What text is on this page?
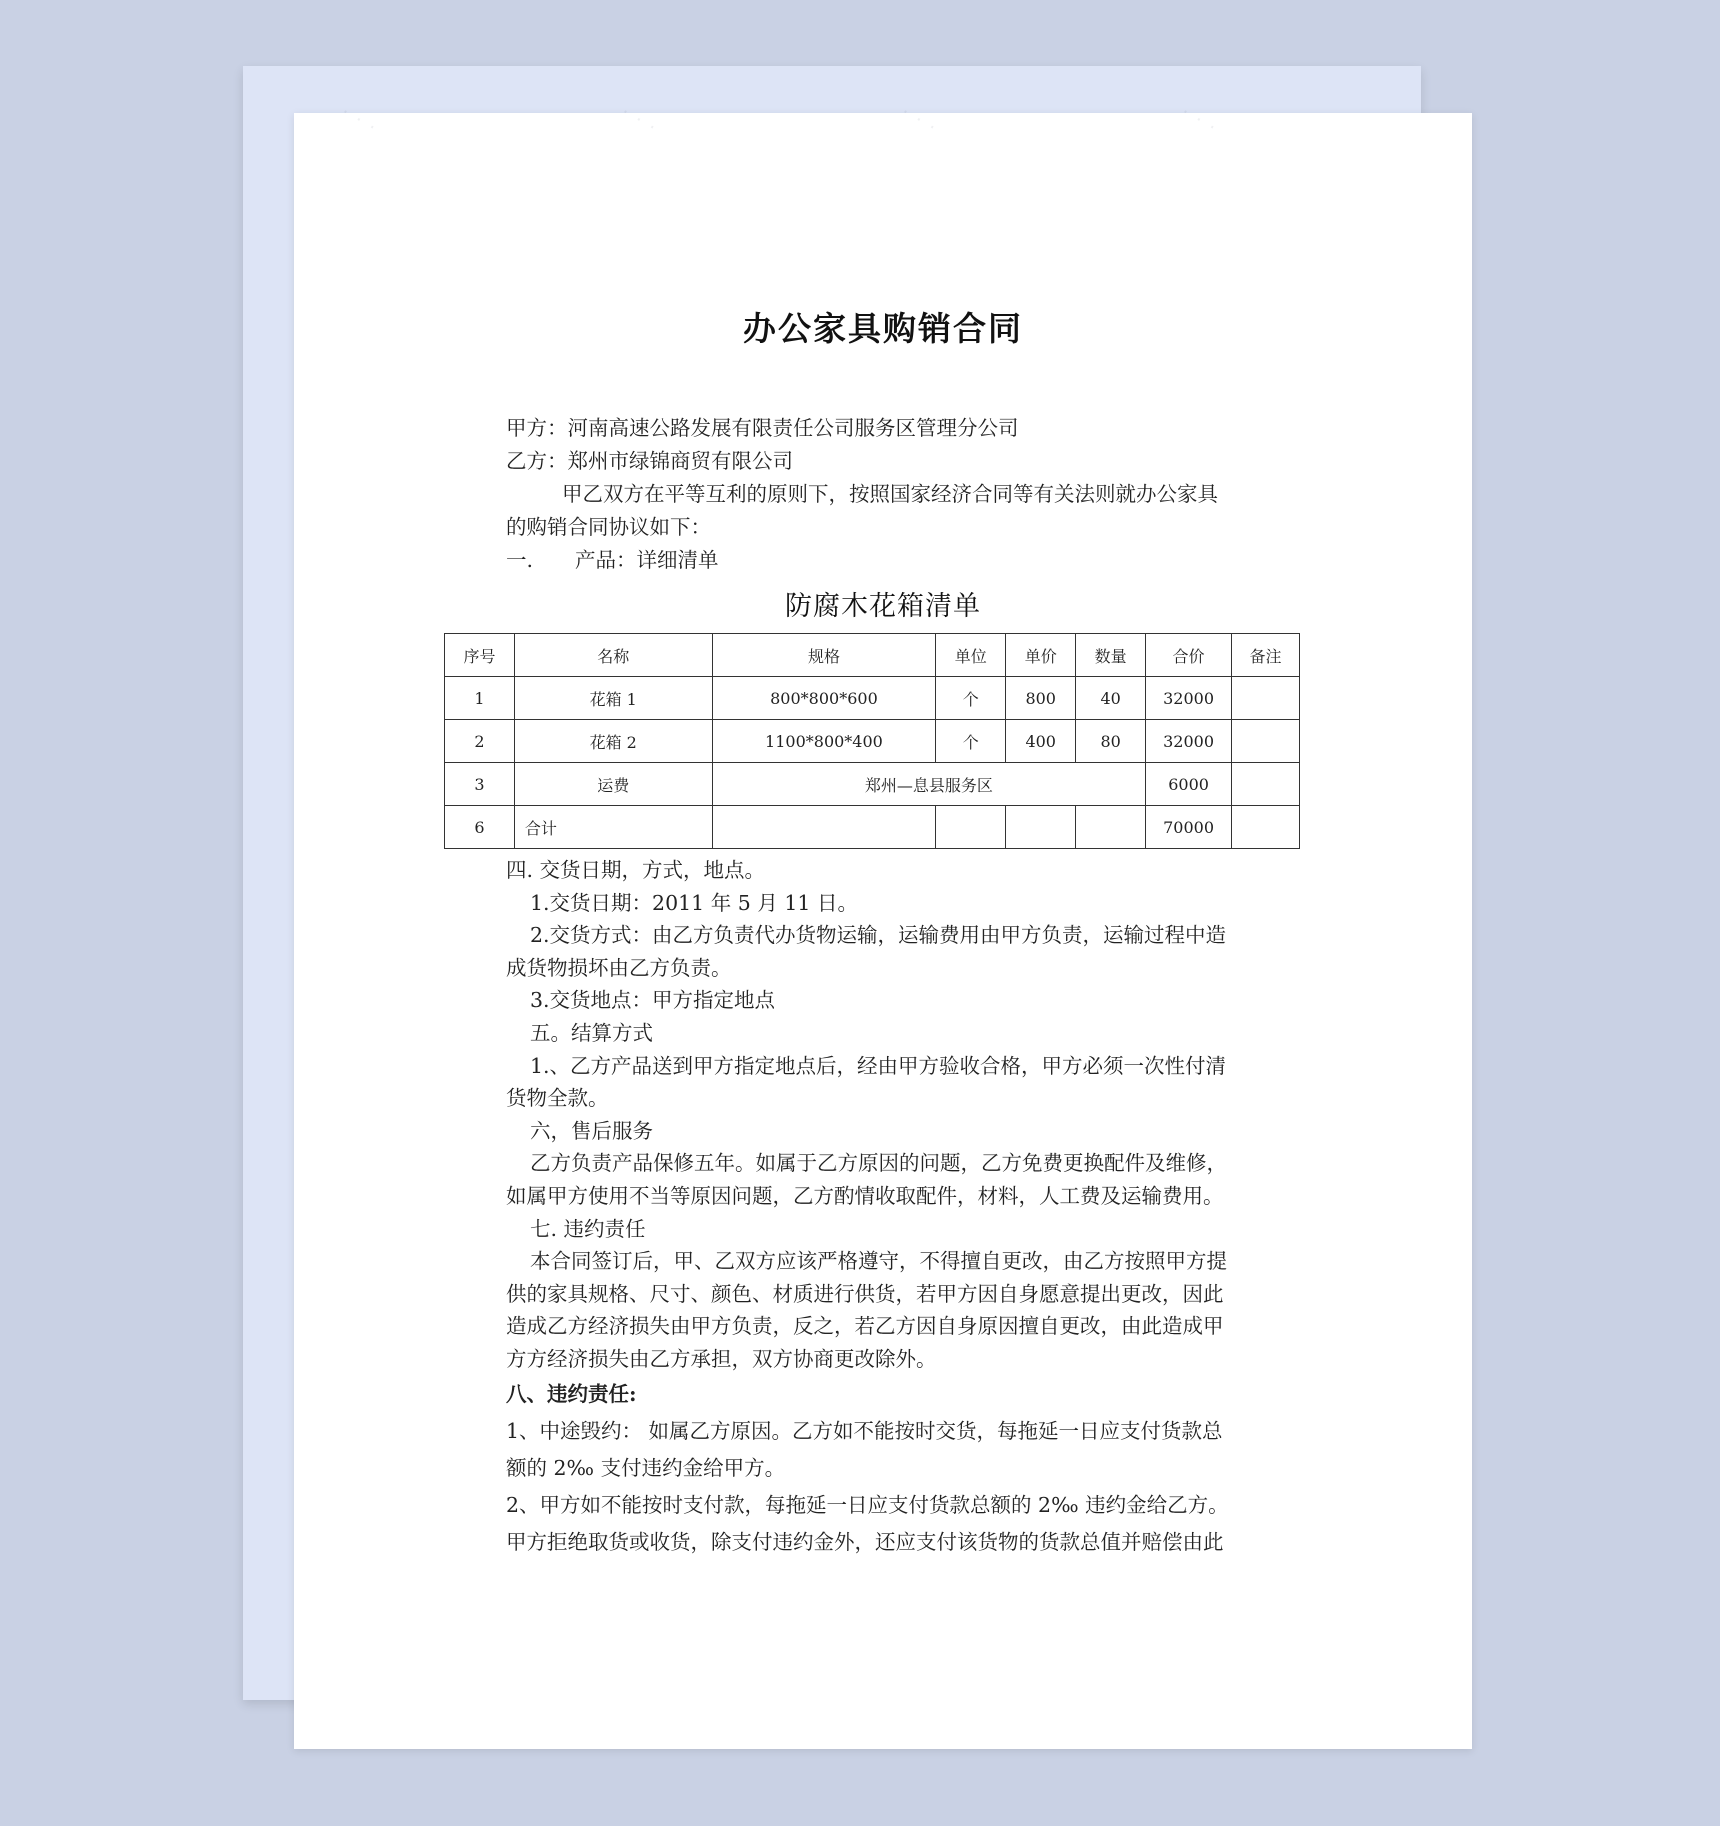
办公家具购销合同

甲方：河南高速公路发展有限责任公司服务区管理分公司

乙方：郑州市绿锦商贸有限公司

甲乙双方在平等互利的原则下，按照国家经济合同等有关法则就办公家具

的购销合同协议如下：

一. 产品：详细清单

防腐木花箱清单
序号	名称	规格	单位	单价	数量	合价	备注
1	花箱 1	800*800*600	个	800	40	32000	
2	花箱 2	1100*800*400	个	400	80	32000	
3	运费	郑州—息县服务区				6000	
6	合计					70000	

四. 交货日期，方式，地点。

1.交货日期：2011 年 5 月 11 日。

2.交货方式：由乙方负责代办货物运输，运输费用由甲方负责，运输过程中造

成货物损坏由乙方负责。

3.交货地点：甲方指定地点

五。结算方式

1.、乙方产品送到甲方指定地点后，经由甲方验收合格，甲方必须一次性付清

货物全款。

六，售后服务

乙方负责产品保修五年。如属于乙方原因的问题，乙方免费更换配件及维修，

如属甲方使用不当等原因问题，乙方酌情收取配件，材料，人工费及运输费用。

七. 违约责任

本合同签订后，甲、乙双方应该严格遵守，不得擅自更改，由乙方按照甲方提

供的家具规格、尺寸、颜色、材质进行供货，若甲方因自身愿意提出更改，因此

造成乙方经济损失由甲方负责，反之，若乙方因自身原因擅自更改，由此造成甲

方方经济损失由乙方承担，双方协商更改除外。

八、违约责任:

1、中途毁约： 如属乙方原因。乙方如不能按时交货，每拖延一日应支付货款总

额的 2‰ 支付违约金给甲方。

2、甲方如不能按时支付款，每拖延一日应支付货款总额的 2‰ 违约金给乙方。

甲方拒绝取货或收货，除支付违约金外，还应支付该货物的货款总值并赔偿由此
